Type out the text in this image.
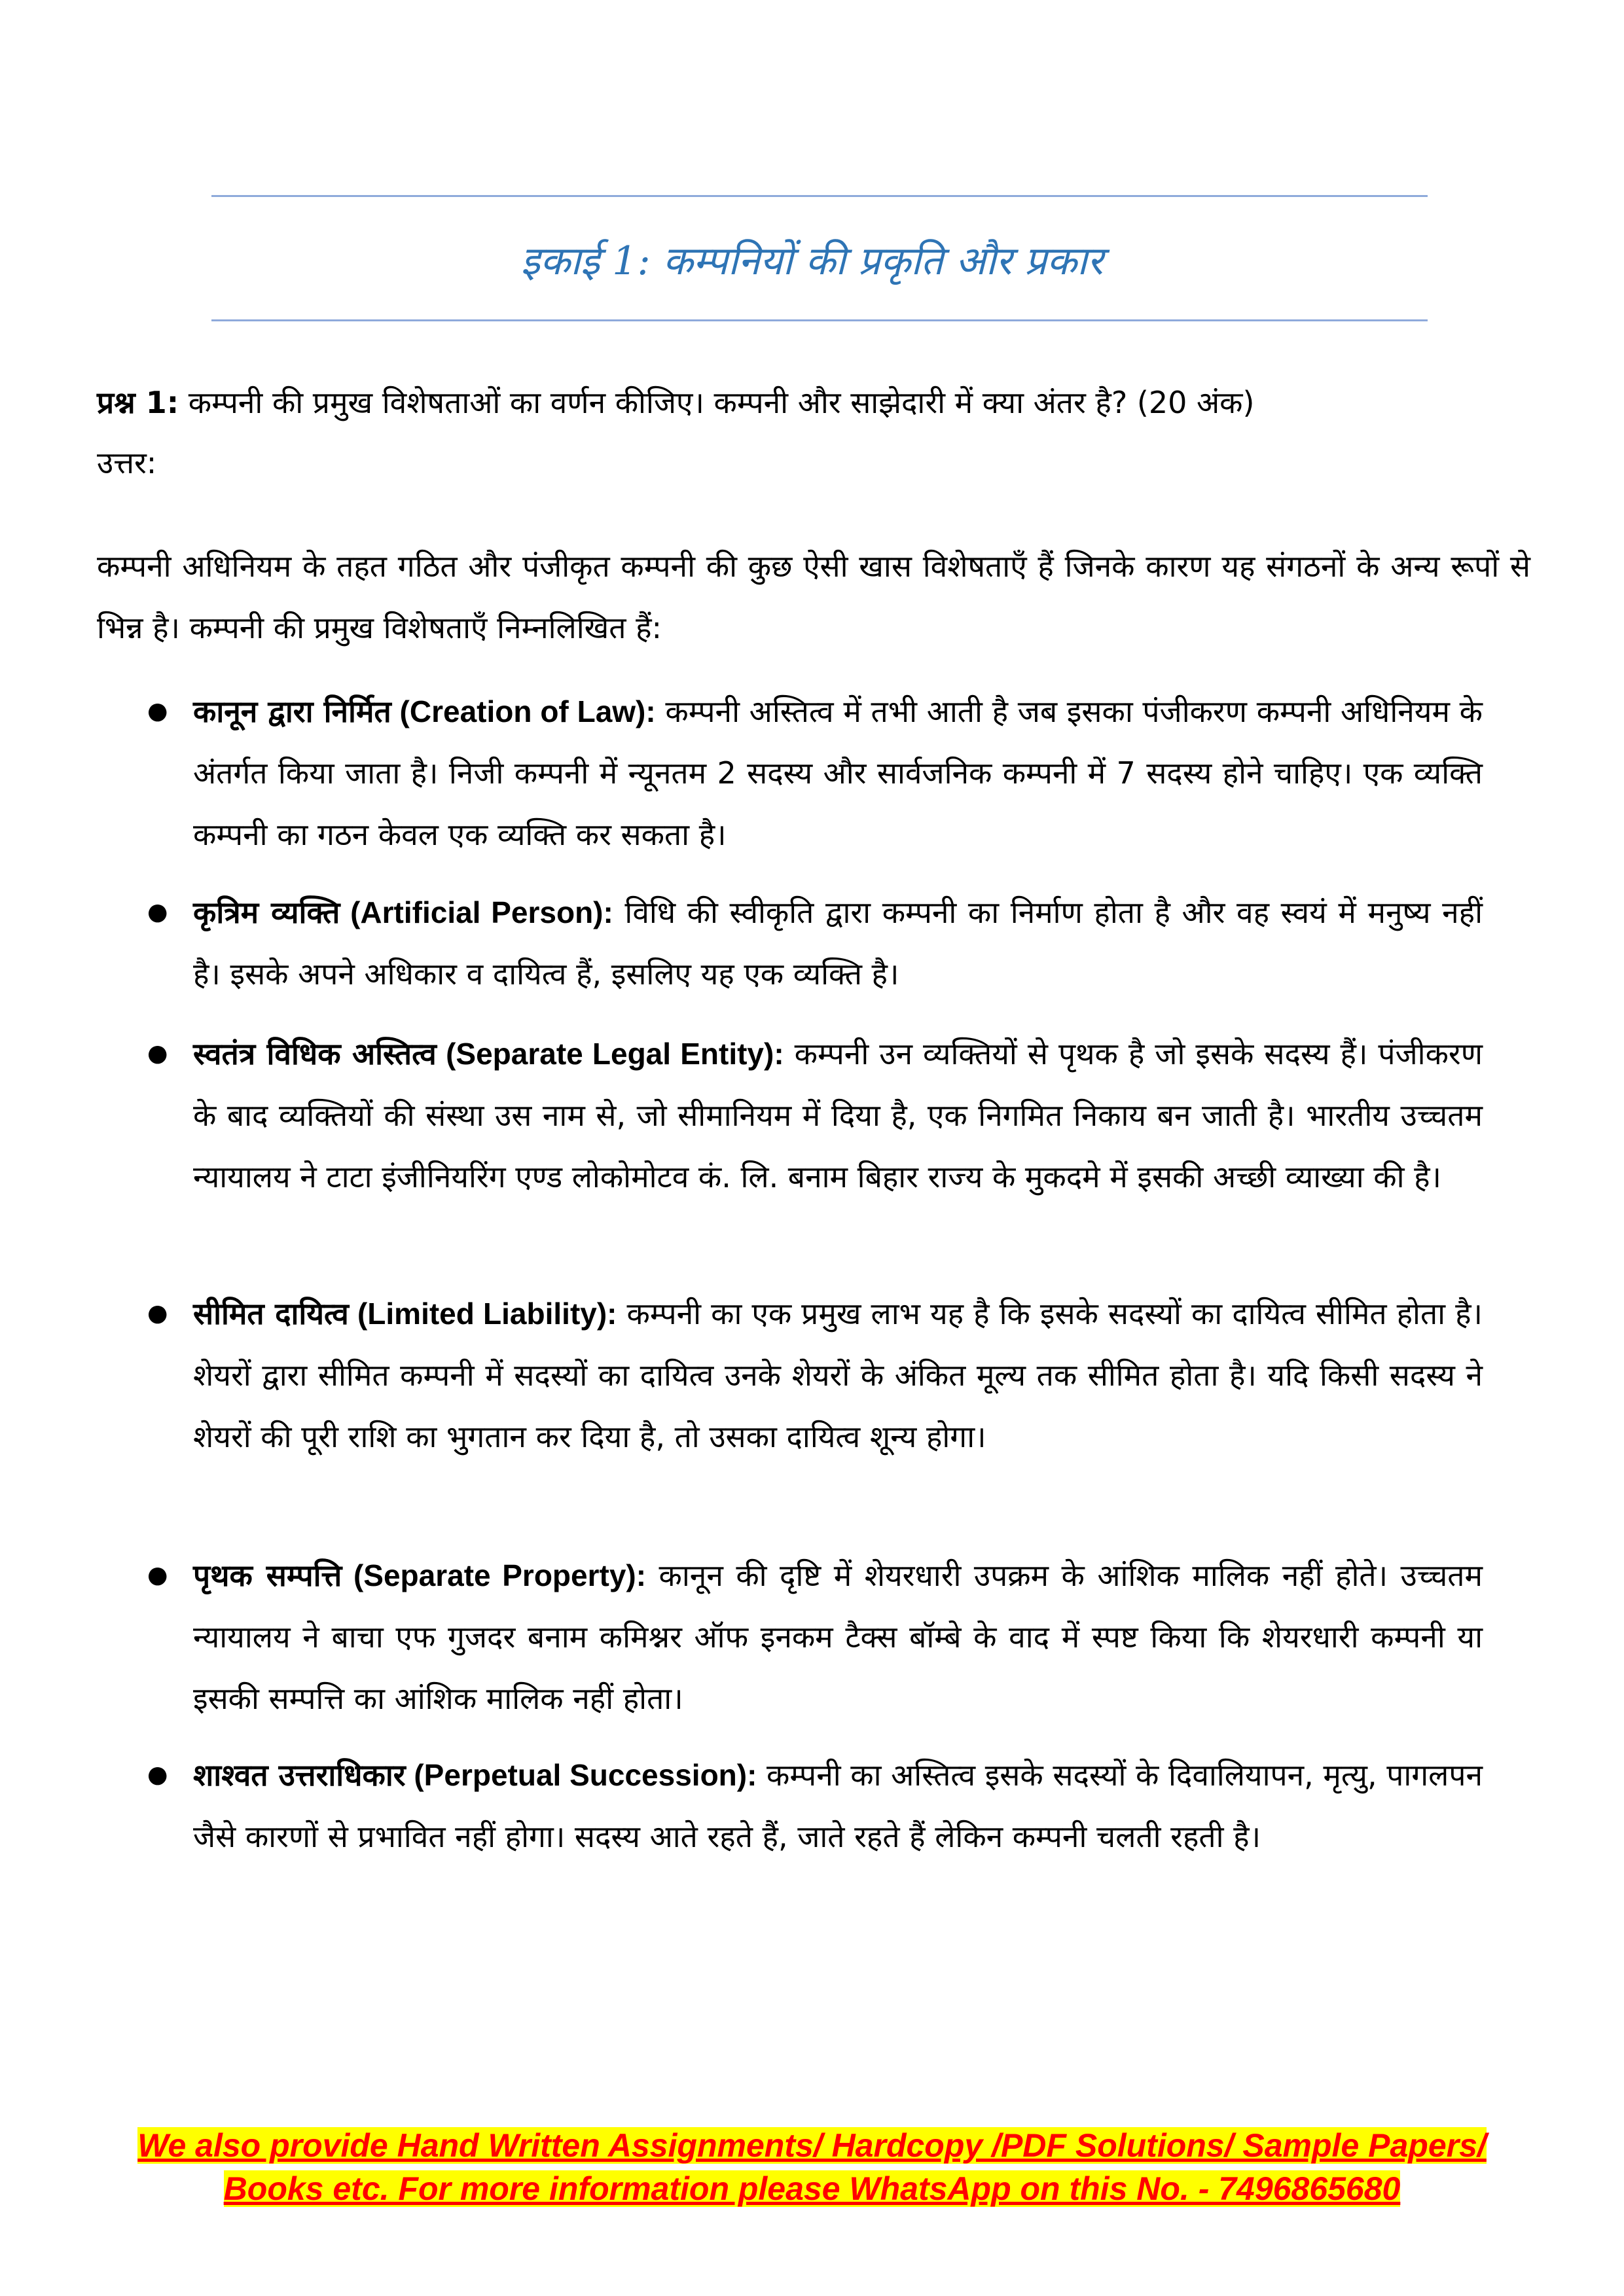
इकाई 1: कम्पनियों की प्रकृति और प्रकार
प्रश्न 1: कम्पनी की प्रमुख विशेषताओं का वर्णन कीजिए। कम्पनी और साझेदारी में क्या अंतर है? (20 अंक)
उत्तर:
कम्पनी अधिनियम के तहत गठित और पंजीकृत कम्पनी की कुछ ऐसी खास विशेषताएँ हैं जिनके कारण यह संगठनों के अन्य रूपों से भिन्न है। कम्पनी की प्रमुख विशेषताएँ निम्नलिखित हैं:
● कानून द्वारा निर्मित (Creation of Law): कम्पनी अस्तित्व में तभी आती है जब इसका पंजीकरण कम्पनी अधिनियम के अंतर्गत किया जाता है। निजी कम्पनी में न्यूनतम 2 सदस्य और सार्वजनिक कम्पनी में 7 सदस्य होने चाहिए। एक व्यक्ति कम्पनी का गठन केवल एक व्यक्ति कर सकता है।
● कृत्रिम व्यक्ति (Artificial Person): विधि की स्वीकृति द्वारा कम्पनी का निर्माण होता है और वह स्वयं में मनुष्य नहीं है। इसके अपने अधिकार व दायित्व हैं, इसलिए यह एक व्यक्ति है।
● स्वतंत्र विधिक अस्तित्व (Separate Legal Entity): कम्पनी उन व्यक्तियों से पृथक है जो इसके सदस्य हैं। पंजीकरण के बाद व्यक्तियों की संस्था उस नाम से, जो सीमानियम में दिया है, एक निगमित निकाय बन जाती है। भारतीय उच्चतम न्यायालय ने टाटा इंजीनियरिंग एण्ड लोकोमोटव कं. लि. बनाम बिहार राज्य के मुकदमे में इसकी अच्छी व्याख्या की है।
● सीमित दायित्व (Limited Liability): कम्पनी का एक प्रमुख लाभ यह है कि इसके सदस्यों का दायित्व सीमित होता है। शेयरों द्वारा सीमित कम्पनी में सदस्यों का दायित्व उनके शेयरों के अंकित मूल्य तक सीमित होता है। यदि किसी सदस्य ने शेयरों की पूरी राशि का भुगतान कर दिया है, तो उसका दायित्व शून्य होगा।
● पृथक सम्पत्ति (Separate Property): कानून की दृष्टि में शेयरधारी उपक्रम के आंशिक मालिक नहीं होते। उच्चतम न्यायालय ने बाचा एफ गुजदर बनाम कमिश्नर ऑफ इनकम टैक्स बॉम्बे के वाद में स्पष्ट किया कि शेयरधारी कम्पनी या इसकी सम्पत्ति का आंशिक मालिक नहीं होता।
● शाश्वत उत्तराधिकार (Perpetual Succession): कम्पनी का अस्तित्व इसके सदस्यों के दिवालियापन, मृत्यु, पागलपन जैसे कारणों से प्रभावित नहीं होगा। सदस्य आते रहते हैं, जाते रहते हैं लेकिन कम्पनी चलती रहती है।
We also provide Hand Written Assignments/ Hardcopy /PDF Solutions/ Sample Papers/
Books etc. For more information please WhatsApp on this No. - 7496865680
